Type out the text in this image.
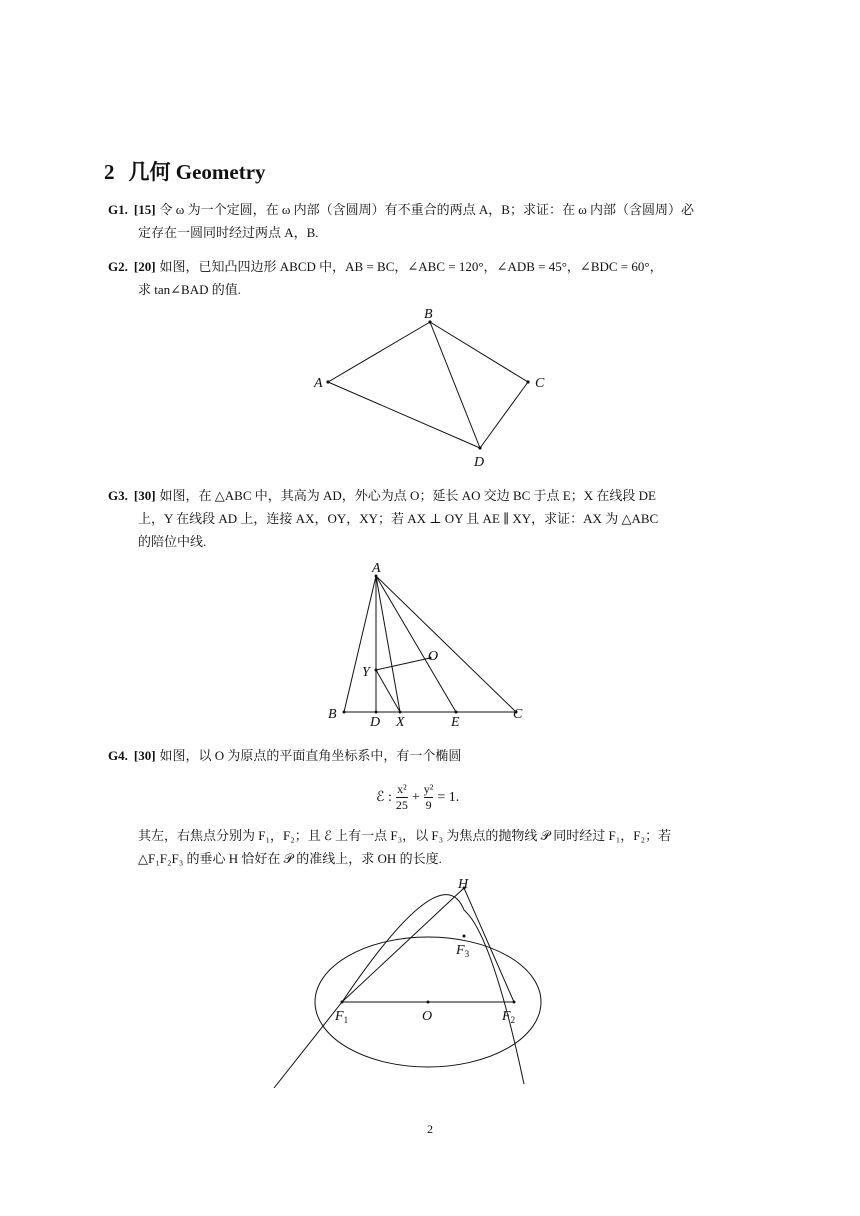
2 几何 Geometry
G1. [15] 令 ω 为一个定圆，在 ω 内部（含圆周）有不重合的两点 A，B；求证：在 ω 内部（含圆周）必
定存在一圆同时经过两点 A，B.
G2. [20] 如图，已知凸四边形 ABCD 中，AB = BC，∠ABC = 120°，∠ADB = 45°，∠BDC = 60°，
求 tan∠BAD 的值.
A
B
C
D
G3. [30] 如图，在 △ABC 中，其高为 AD，外心为点 O；延长 AO 交边 BC 于点 E；X 在线段 DE
上，Y 在线段 AD 上，连接 AX，OY，XY；若 AX ⊥ OY 且 AE ∥ XY，求证：AX 为 △ABC
的陪位中线.
A
B	C
D X	E
O
Y
G4. [30] 如图，以 O 为原点的平面直角坐标系中，有一个椭圆
ℰ : $\frac{\text{x²}}{25} + \frac{\text{y²}}{9} = 1$.
其左，右焦点分别为 F₁，F₂；且 ℰ 上有一点 F₃，以 F₃ 为焦点的抛物线 𝒫 同时经过 F₁，F₂；若
△F₁F₂F₃ 的垂心 H 恰好在 𝒫 的准线上，求 OH 的长度.
H
$F_3$
$F_1$	O	$F_2$
2
